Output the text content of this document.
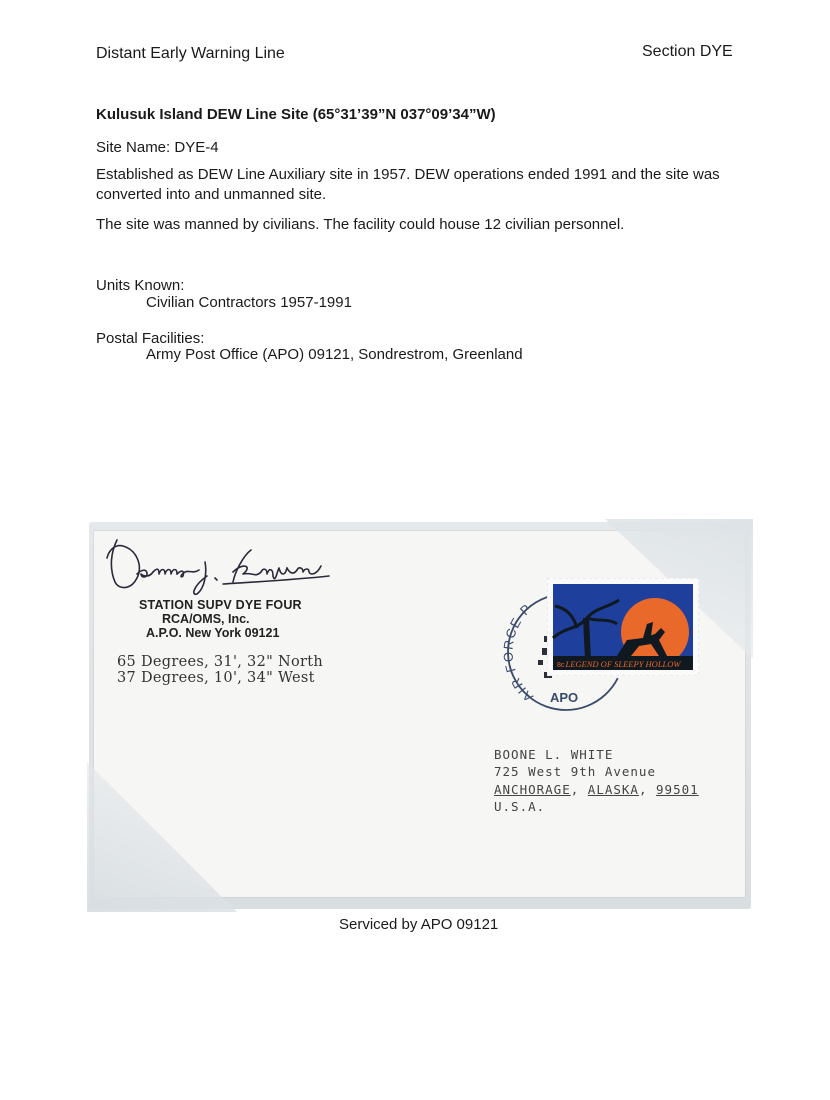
Distant Early Warning Line	Section DYE
Kulusuk Island DEW Line Site (65°31’39”N 037°09’34”W)
Site Name: DYE-4
Established as DEW Line Auxiliary site in 1957. DEW operations ended 1991 and the site was
converted into and unmanned site.
The site was manned by civilians. The facility could house 12 civilian personnel.
Units Known:
Civilian Contractors 1957-1991
Postal Facilities:
Army Post Office (APO) 09121, Sondrestrom, Greenland
STATION SUPV DYE FOUR
RCA/OMS, Inc.
A.P.O. New York 09121
65 Degrees, 31', 32" North
37 Degrees, 10', 34" West
AIR FORCE P
APO
LEGEND OF SLEEPY HOLLOW
8c
BOONE L. WHITE
725 West 9th Avenue
ANCHORAGE, ALASKA, 99501
U.S.A.
Serviced by APO 09121
